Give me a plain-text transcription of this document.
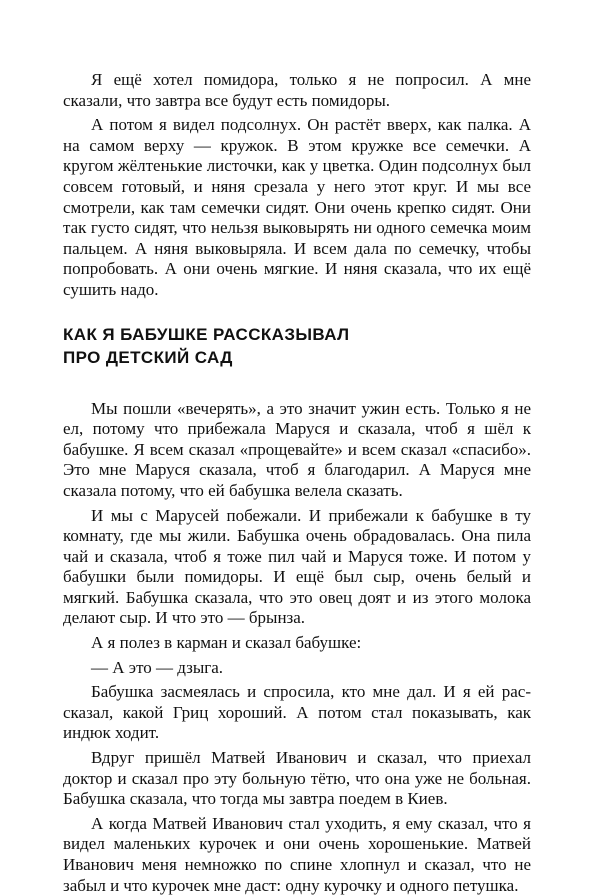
Я ещё хотел помидора, только я не попросил. А мне сказали, что завтра все будут есть помидоры.

А потом я видел подсолнух. Он растёт вверх, как палка. А на самом верху — кружок. В этом кружке все семечки. А кругом жёлтенькие листочки, как у цветка. Один подсолнух был совсем готовый, и няня срезала у него этот круг. И мы все смотрели, как там семечки сидят. Они очень крепко сидят. Они так густо сидят, что нельзя выковырять ни одного семечка моим пальцем. А няня выковыряла. И всем дала по семечку, чтобы попробовать. А они очень мягкие. И няня сказала, что их ещё сушить надо.

КАК Я БАБУШКЕ РАССКАЗЫВАЛ
ПРО ДЕТСКИЙ САД

Мы пошли «вечерять», а это значит ужин есть. Только я не ел, потому что прибежала Маруся и сказала, чтоб я шёл к бабушке. Я всем сказал «прощевайте» и всем сказал «спасибо». Это мне Маруся сказала, чтоб я благодарил. А Маруся мне сказала потому, что ей бабушка велела сказать.

И мы с Марусей побежали. И прибежали к бабушке в ту комнату, где мы жили. Бабушка очень обрадовалась. Она пила чай и сказала, чтоб я тоже пил чай и Маруся тоже. И потом у бабушки были помидоры. И ещё был сыр, очень белый и мягкий. Бабушка сказала, что это овец доят и из этого молока делают сыр. И что это — брынза.

А я полез в карман и сказал бабушке:

— А это — дзыга.

Бабушка засмеялась и спросила, кто мне дал. И я ей рассказал, какой Гриц хороший. А потом стал показывать, как индюк ходит.

Вдруг пришёл Матвей Иванович и сказал, что приехал доктор и сказал про эту больную тётю, что она уже не больная. Бабушка сказала, что тогда мы завтра поедем в Киев.

А когда Матвей Иванович стал уходить, я ему сказал, что я видел маленьких курочек и они очень хорошенькие. Матвей Иванович меня немножко по спине хлопнул и сказал, что не забыл и что курочек мне даст: одну курочку и одного петушка.
